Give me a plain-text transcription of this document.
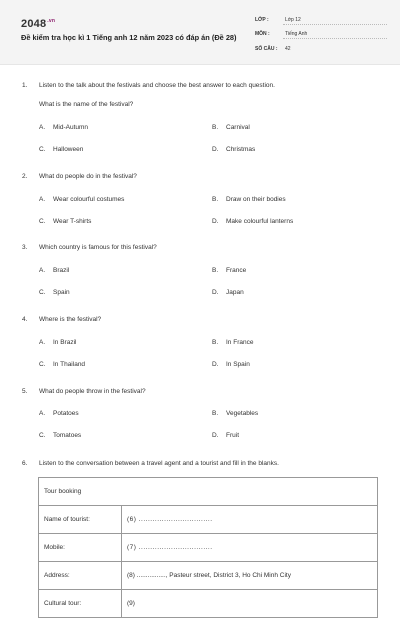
$2048^{.vn}$
Đề kiểm tra học kì 1 Tiếng anh 12 năm 2023 có đáp án (Đề 28)
LỚP :	Lớp 12
MÔN :	Tiếng Anh
SỐ CÂU :	42
1. Listen to the talk about the festivals and choose the best answer to each question.
What is the name of the festival?
A. Mid-Autumn	B. Carnival
C. Halloween	D. Christmas
2. What do people do in the festival?
A. Wear colourful costumes	B. Draw on their bodies
C. Wear T-shirts	D. Make colourful lanterns
3. Which country is famous for this festival?
A. Brazil	B. France
C. Spain	D. Japan
4. Where is the festival?
A. In Brazil	B. In France
C. In Thailand	D. In Spain
5. What do people throw in the festival?
A. Potatoes	B. Vegetables
C. Tomatoes	D. Fruit
6. Listen to the conversation between a travel agent and a tourist and fill in the blanks.
Tour booking	
Name of tourist:	(6) ................................
Mobile:	(7) ................................
Address:	(8) ................, Pasteur street, District 3, Ho Chi Minh City
Cultural tour:	(9)
